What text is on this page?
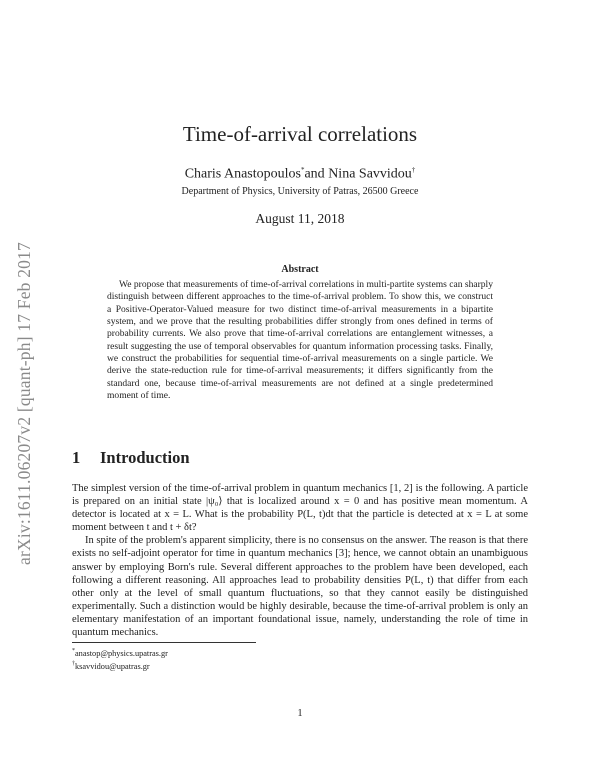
arXiv:1611.06207v2 [quant-ph] 17 Feb 2017
Time-of-arrival correlations
Charis Anastopoulos*and Nina Savvidou†
Department of Physics, University of Patras, 26500 Greece
August 11, 2018
Abstract

We propose that measurements of time-of-arrival correlations in multi-partite systems can sharply distinguish between different approaches to the time-of-arrival problem. To show this, we construct a Positive-Operator-Valued measure for two distinct time-of-arrival measurements in a bipartite system, and we prove that the resulting probabilities differ strongly from ones defined in terms of probability currents. We also prove that time-of-arrival correlations are entanglement witnesses, a result suggesting the use of temporal observables for quantum information processing tasks. Finally, we construct the probabilities for sequential time-of-arrival measurements on a single particle. We derive the state-reduction rule for time-of-arrival measurements; it differs significantly from the standard one, because time-of-arrival measurements are not defined at a single predetermined moment of time.

1 Introduction

The simplest version of the time-of-arrival problem in quantum mechanics [1, 2] is the following. A particle is prepared on an initial state |ψ₀⟩ that is localized around x = 0 and has positive mean momentum. A detector is located at x = L. What is the probability P(L, t)dt that the particle is detected at x = L at some moment between t and t + δt?

In spite of the problem's apparent simplicity, there is no consensus on the answer. The reason is that there exists no self-adjoint operator for time in quantum mechanics [3]; hence, we cannot obtain an unambiguous answer by employing Born's rule. Several different approaches to the problem have been developed, each following a different reasoning. All approaches lead to probability densities P(L, t) that differ from each other only at the level of small quantum fluctuations, so that they cannot easily be distinguished experimentally. Such a distinction would be highly desirable, because the time-of-arrival problem is only an elementary manifestation of an important foundational issue, namely, understanding the role of time in quantum mechanics.

*anastop@physics.upatras.gr
†ksavvidou@upatras.gr
1
